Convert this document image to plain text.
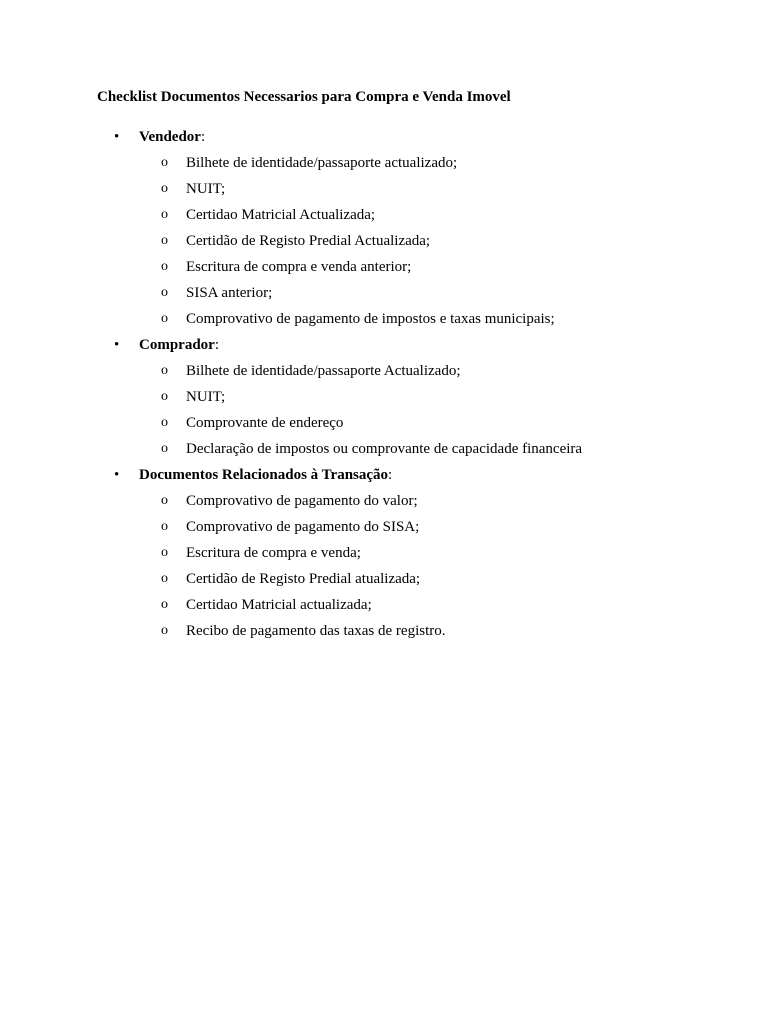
Checklist Documentos Necessarios para Compra e Venda Imovel
• Vendedor:
o Bilhete de identidade/passaporte actualizado;
o NUIT;
o Certidao Matricial Actualizada;
o Certidão de Registo Predial Actualizada;
o Escritura de compra e venda anterior;
o SISA anterior;
o Comprovativo de pagamento de impostos e taxas municipais;
• Comprador:
o Bilhete de identidade/passaporte Actualizado;
o NUIT;
o Comprovante de endereço
o Declaração de impostos ou comprovante de capacidade financeira
• Documentos Relacionados à Transação:
o Comprovativo de pagamento do valor;
o Comprovativo de pagamento do SISA;
o Escritura de compra e venda;
o Certidão de Registo Predial atualizada;
o Certidao Matricial actualizada;
o Recibo de pagamento das taxas de registro.
